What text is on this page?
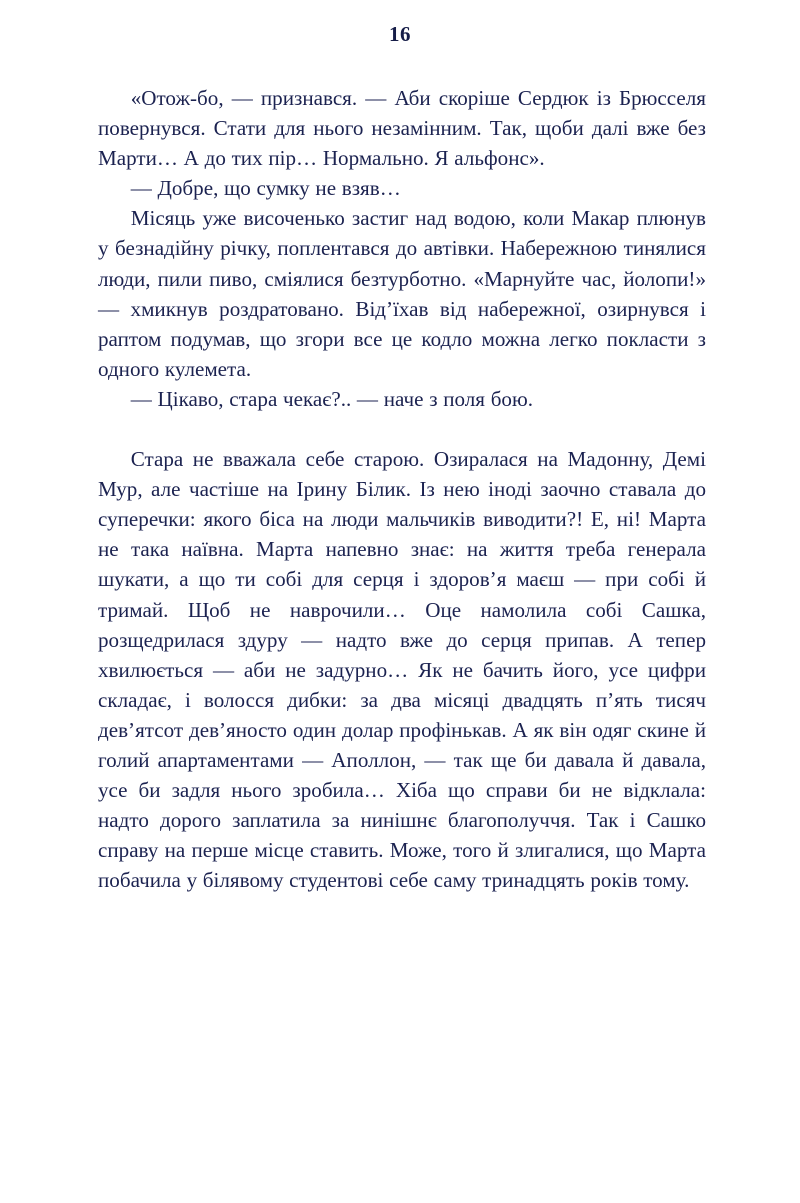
16

«Отож-бо, — признався. — Аби скоріше Сердюк із Брюсселя повернувся. Стати для нього незамінним. Так, щоби далі вже без Марти… А до тих пір… Нормально. Я альфонс».

— Добре, що сумку не взяв…

Місяць уже височенько застиг над водою, коли Макар плюнув у безнадійну річку, поплентався до автівки. Набережною тинялися люди, пили пиво, сміялися безтурботно. «Марнуйте час, йолопи!» — хмикнув роздратовано. Від’їхав від набережної, озирнувся і раптом подумав, що згори все це кодло можна легко покласти з одного кулемета.

— Цікаво, стара чекає?.. — наче з поля бою.

Стара не вважала себе старою. Озиралася на Мадонну, Демі Мур, але частіше на Ірину Білик. Із нею іноді заочно ставала до суперечки: якого біса на люди мальчиків виводити?! Е, ні! Марта не така наївна. Марта напевно знає: на життя треба генерала шукати, а що ти собі для серця і здоров’я маєш — при собі й тримай. Щоб не наврочили… Оце намолила собі Сашка, розщедрилася здуру — надто вже до серця припав. А тепер хвилюється — аби не задурно… Як не бачить його, усе цифри складає, і волосся дибки: за два місяці двадцять п’ять тисяч дев’ятсот дев’яносто один долар профінькав. А як він одяг скине й голий апартаментами — Аполлон, — так ще би давала й давала, усе би задля нього зробила… Хіба що справи би не відклала: надто дорого заплатила за нинішнє благополуччя. Так і Сашко справу на перше місце ставить. Може, того й злигалися, що Марта побачила у білявому студентові себе саму тринадцять років тому.
